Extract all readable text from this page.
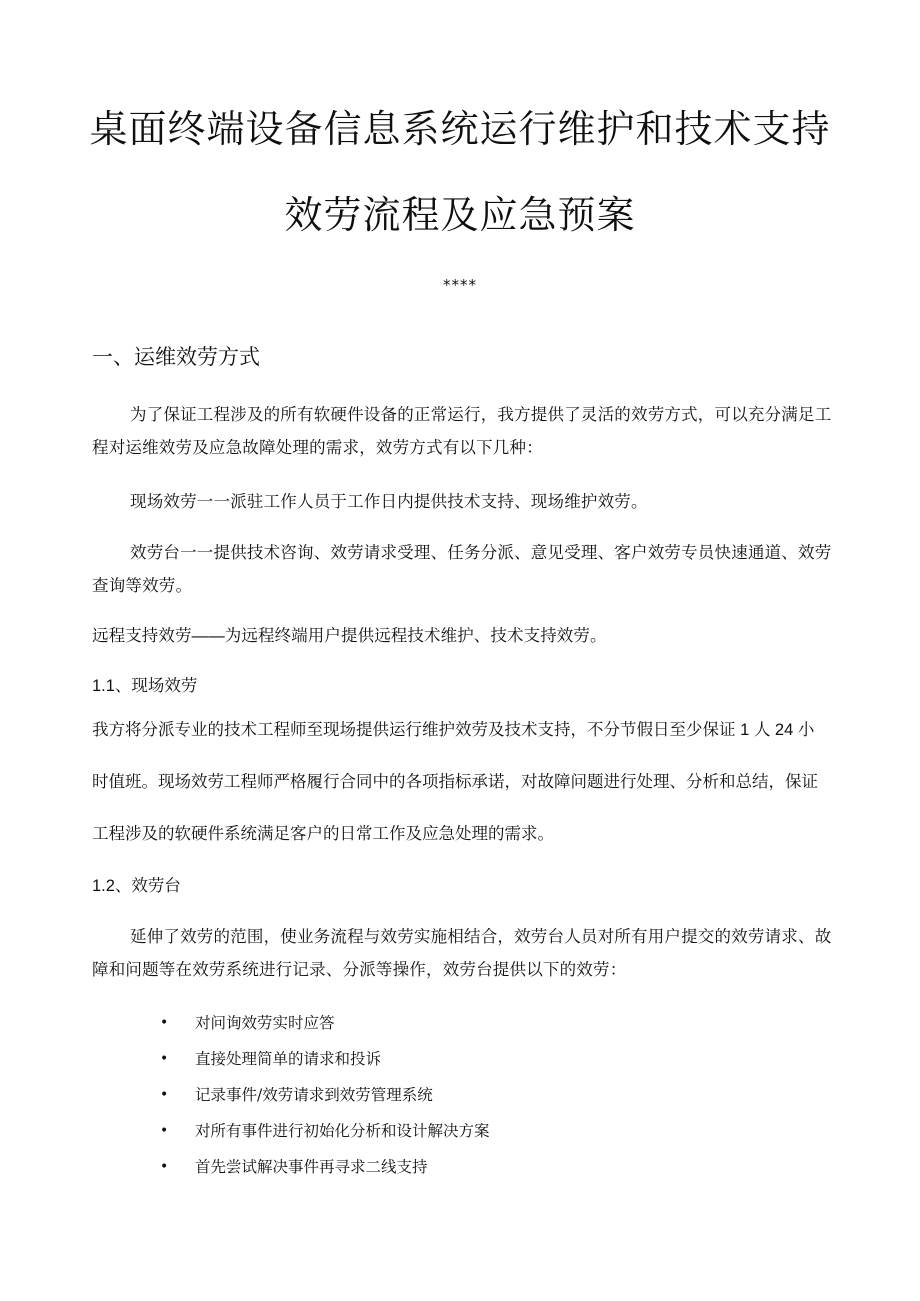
桌面终端设备信息系统运行维护和技术支持
效劳流程及应急预案
****
一、运维效劳方式
为了保证工程涉及的所有软硬件设备的正常运行，我方提供了灵活的效劳方式，可以充分满足工程对运维效劳及应急故障处理的需求，效劳方式有以下几种：
现场效劳一一派驻工作人员于工作日内提供技术支持、现场维护效劳。
效劳台一一提供技术咨询、效劳请求受理、任务分派、意见受理、客户效劳专员快速通道、效劳查询等效劳。
远程支持效劳——为远程终端用户提供远程技术维护、技术支持效劳。
1.1、现场效劳
我方将分派专业的技术工程师至现场提供运行维护效劳及技术支持，不分节假日至少保证 1 人 24 小时值班。现场效劳工程师严格履行合同中的各项指标承诺，对故障问题进行处理、分析和总结，保证工程涉及的软硬件系统满足客户的日常工作及应急处理的需求。
1.2、效劳台
延伸了效劳的范围，使业务流程与效劳实施相结合，效劳台人员对所有用户提交的效劳请求、故障和问题等在效劳系统进行记录、分派等操作，效劳台提供以下的效劳：
• 对问询效劳实时应答
• 直接处理简单的请求和投诉
• 记录事件/效劳请求到效劳管理系统
• 对所有事件进行初始化分析和设计解决方案
• 首先尝试解决事件再寻求二线支持
